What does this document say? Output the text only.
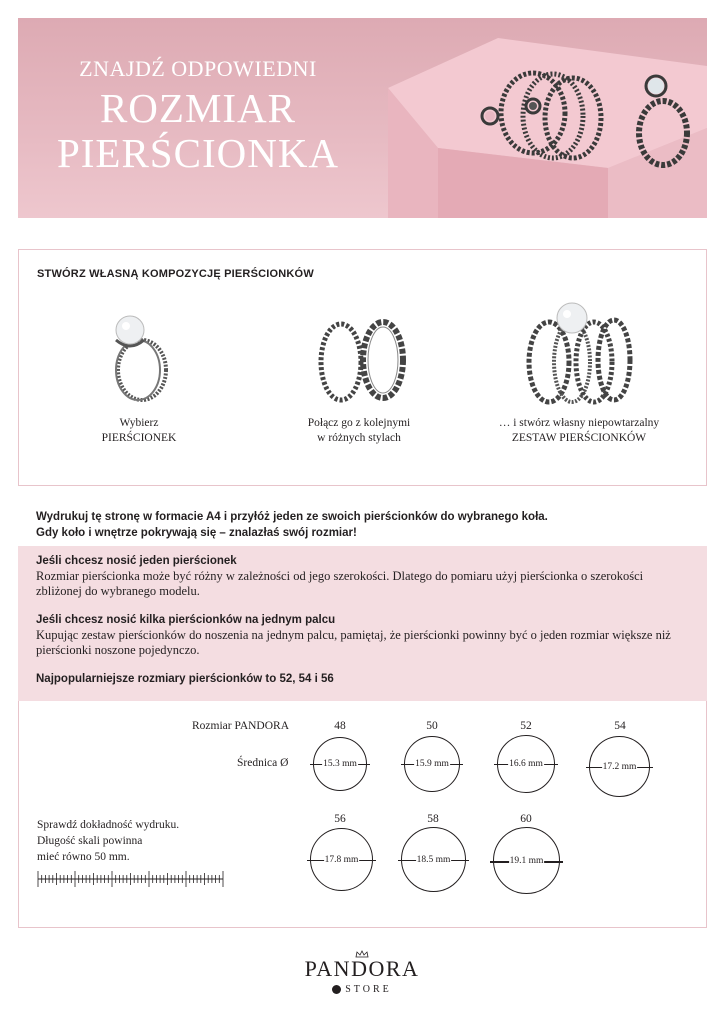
ZNAJDŹ ODPOWIEDNI
ROZMIAR
PIERŚCIONKA
STWÓRZ WŁASNĄ KOMPOZYCJĘ PIERŚCIONKÓW
Wybierz
PIERŚCIONEK
Połącz go z kolejnymi
w różnych stylach
… i stwórz własny niepowtarzalny
ZESTAW PIERŚCIONKÓW
Wydrukuj tę stronę w formacie A4 i przyłóż jeden ze swoich pierścionków do wybranego koła.
Gdy koło i wnętrze pokrywają się – znalazłaś swój rozmiar!
Jeśli chcesz nosić jeden pierścionek
Rozmiar pierścionka może być różny w zależności od jego szerokości. Dlatego do pomiaru użyj pierścionka o szerokości zbliżonej do wybranego modelu.
Jeśli chcesz nosić kilka pierścionków na jednym palcu
Kupując zestaw pierścionków do noszenia na jednym palcu, pamiętaj, że pierścionki powinny być o jeden rozmiar większe niż pierścionki noszone pojedynczo.
Najpopularniejsze rozmiary pierścionków to 52, 54 i 56
Rozmiar PANDORA
Średnica Ø
48
15.3 mm
50
15.9 mm
52
16.6 mm
54
17.2 mm
56
17.8 mm
58
18.5 mm
60
19.1 mm
Sprawdź dokładność wydruku.
Długość skali powinna
mieć równo 50 mm.
PANDORA
STORE
